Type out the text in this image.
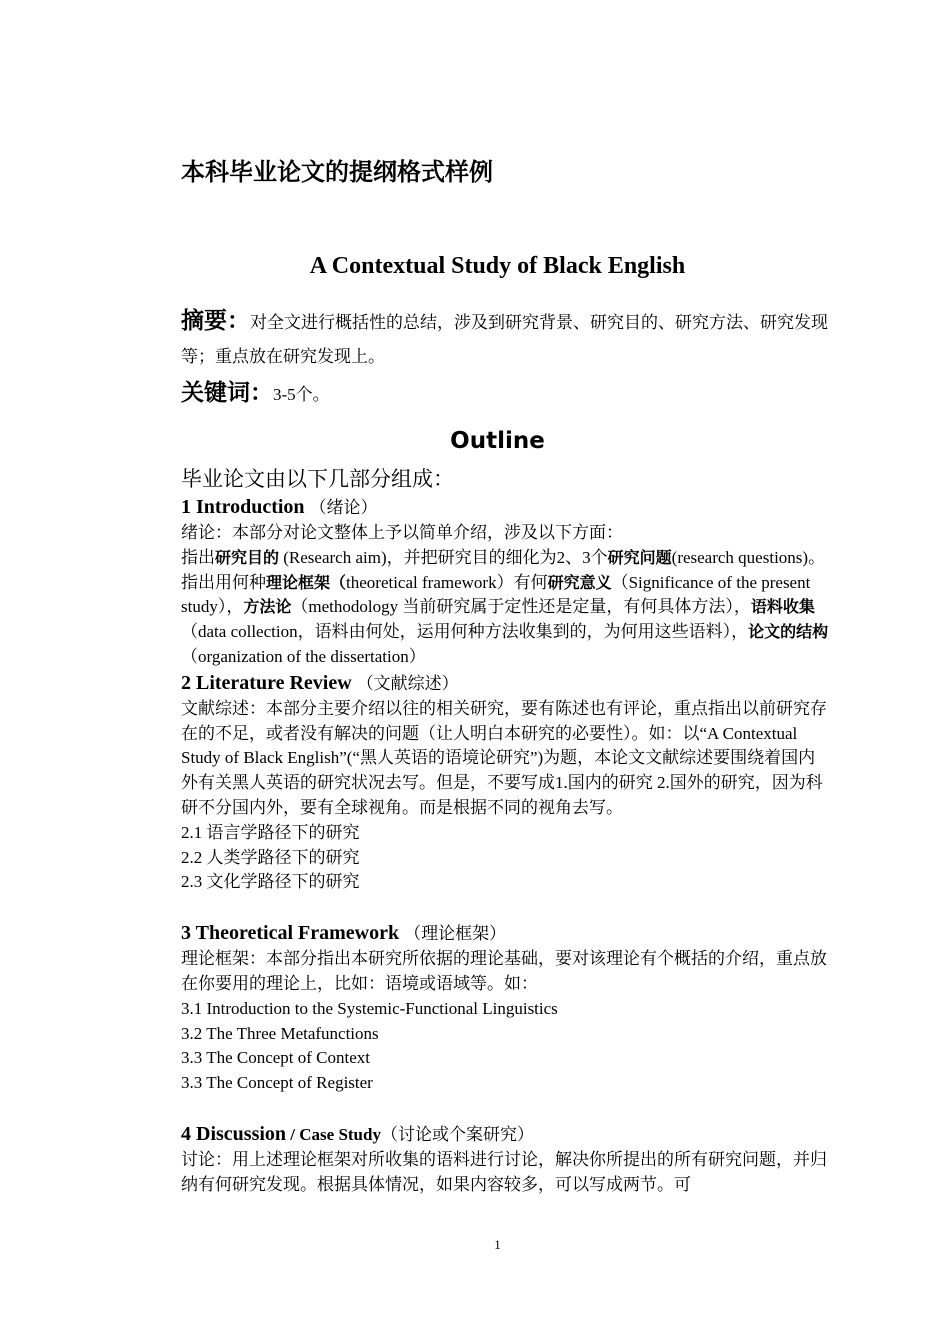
本科毕业论文的提纲格式样例
A Contextual Study of Black English
摘要：对全文进行概括性的总结，涉及到研究背景、研究目的、研究方法、研究发现等；重点放在研究发现上。
关键词：3-5个。
Outline

毕业论文由以下几部分组成：

1 Introduction （绪论）

绪论：本部分对论文整体上予以简单介绍，涉及以下方面：

指出研究目的 (Research aim)，并把研究目的细化为2、3个研究问题(research questions)。指出用何种理论框架（theoretical framework）有何研究意义（Significance of the present study），方法论（methodology 当前研究属于定性还是定量，有何具体方法），语料收集（data collection，语料由何处，运用何种方法收集到的，为何用这些语料），论文的结构（organization of the dissertation）

2 Literature Review （文献综述）

文献综述：本部分主要介绍以往的相关研究，要有陈述也有评论，重点指出以前研究存在的不足，或者没有解决的问题（让人明白本研究的必要性）。如：以“A Contextual Study of Black English”(“黑人英语的语境论研究”)为题，本论文文献综述要围绕着国内外有关黑人英语的研究状况去写。但是，不要写成1.国内的研究 2.国外的研究，因为科研不分国内外，要有全球视角。而是根据不同的视角去写。

2.1 语言学路径下的研究

2.2 人类学路径下的研究

2.3 文化学路径下的研究

3 Theoretical Framework （理论框架）

理论框架：本部分指出本研究所依据的理论基础，要对该理论有个概括的介绍，重点放在你要用的理论上，比如：语境或语域等。如：

3.1 Introduction to the Systemic-Functional Linguistics

3.2 The Three Metafunctions

3.3 The Concept of Context

3.3 The Concept of Register

4 Discussion / Case Study（讨论或个案研究）

讨论：用上述理论框架对所收集的语料进行讨论，解决你所提出的所有研究问题，并归纳有何研究发现。根据具体情况，如果内容较多，可以写成两节。可

1
